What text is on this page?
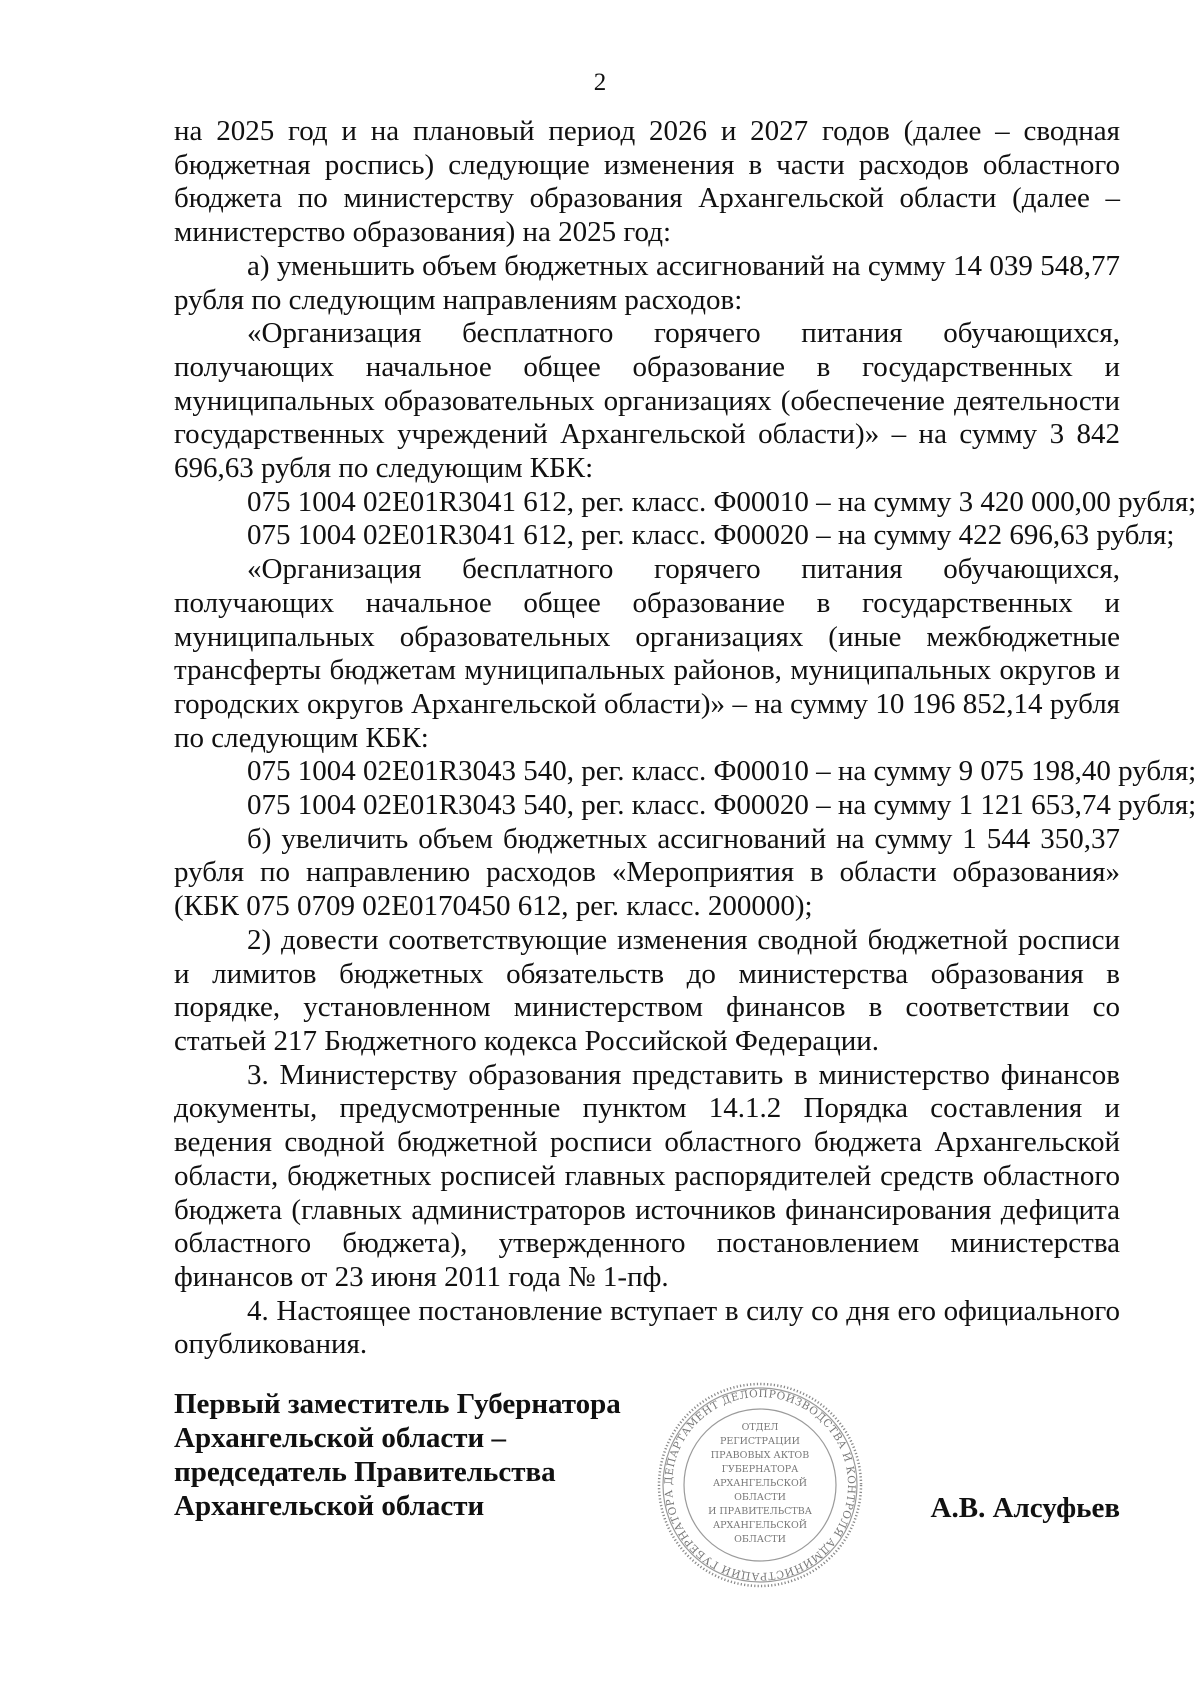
2

на 2025 год и на плановый период 2026 и 2027 годов (далее – сводная бюджетная роспись) следующие изменения в части расходов областного бюджета по министерству образования Архангельской области (далее – министерство образования) на 2025 год:

а) уменьшить объем бюджетных ассигнований на сумму 14 039 548,77 рубля по следующим направлениям расходов:

«Организация бесплатного горячего питания обучающихся, получающих начальное общее образование в государственных и муниципальных образовательных организациях (обеспечение деятельности государственных учреждений Архангельской области)» – на сумму 3 842 696,63 рубля по следующим КБК:

075 1004 02Е01R3041 612, рег. класс. Ф00010 – на сумму 3 420 000,00 рубля;

075 1004 02Е01R3041 612, рег. класс. Ф00020 – на сумму 422 696,63 рубля;

«Организация бесплатного горячего питания обучающихся, получающих начальное общее образование в государственных и муниципальных образовательных организациях (иные межбюджетные трансферты бюджетам муниципальных районов, муниципальных округов и городских округов Архангельской области)» – на сумму 10 196 852,14 рубля по следующим КБК:

075 1004 02Е01R3043 540, рег. класс. Ф00010 – на сумму 9 075 198,40 рубля;

075 1004 02Е01R3043 540, рег. класс. Ф00020 – на сумму 1 121 653,74 рубля;

б) увеличить объем бюджетных ассигнований на сумму 1 544 350,37 рубля по направлению расходов «Мероприятия в области образования» (КБК 075 0709 02Е0170450 612, рег. класс. 200000);

2) довести соответствующие изменения сводной бюджетной росписи и лимитов бюджетных обязательств до министерства образования в порядке, установленном министерством финансов в соответствии со статьей 217 Бюджетного кодекса Российской Федерации.

3. Министерству образования представить в министерство финансов документы, предусмотренные пунктом 14.1.2 Порядка составления и ведения сводной бюджетной росписи областного бюджета Архангельской области, бюджетных росписей главных распорядителей средств областного бюджета (главных администраторов источников финансирования дефицита областного бюджета), утвержденного постановлением министерства финансов от 23 июня 2011 года № 1-пф.

4. Настоящее постановление вступает в силу со дня его официального опубликования.

Первый заместитель Губернатора
Архангельской области –
председатель Правительства
Архангельской области
ДЕПАРТАМЕНТ ДЕЛОПРОИЗВОДСТВА И КОНТРОЛЯ АДМИНИСТРАЦИИ ГУБЕРНАТОРА
ОТДЕЛ
РЕГИСТРАЦИИ
ПРАВОВЫХ АКТОВ
ГУБЕРНАТОРА
АРХАНГЕЛЬСКОЙ
ОБЛАСТИ
И ПРАВИТЕЛЬСТВА
АРХАНГЕЛЬСКОЙ
ОБЛАСТИ
А.В. Алсуфьев
